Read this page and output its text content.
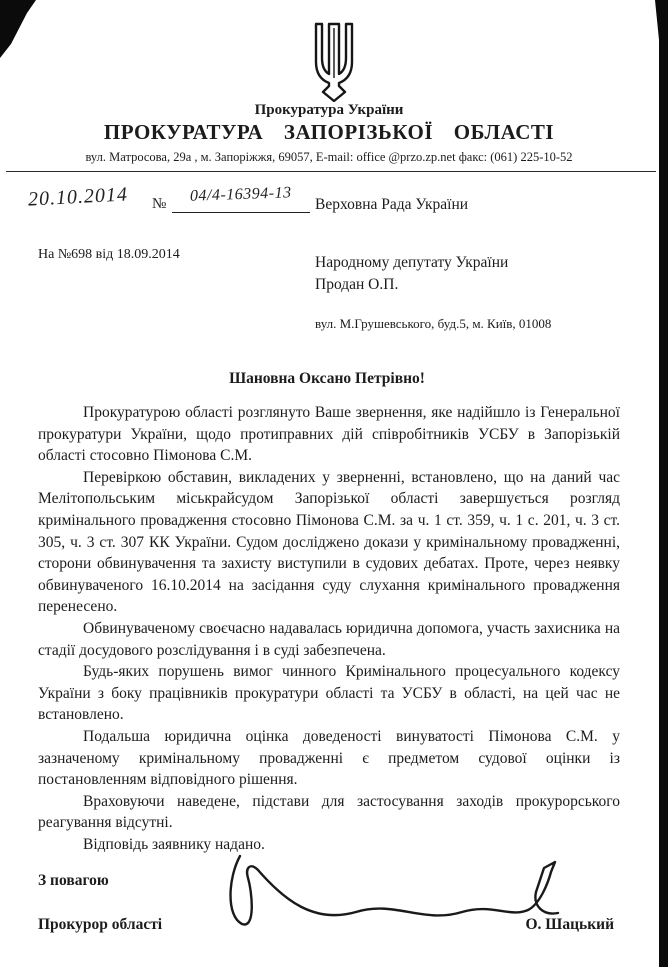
Прокуратура України
ПРОКУРАТУРА ЗАПОРІЗЬКОЇ ОБЛАСТІ
вул. Матросова, 29а , м. Запоріжжя, 69057, E-mail: office @przo.zp.net факс: (061) 225-10-52
20.10.2014 №	04/4-16394-13	Верховна Рада України
На №698 від 18.09.2014	Народному депутату України
Продан О.П.
вул. М.Грушевського, буд.5, м. Київ, 01008
Шановна Оксано Петрівно!

Прокуратурою області розглянуто Ваше звернення, яке надійшло із Генеральної прокуратури України, щодо протиправних дій співробітників УСБУ в Запорізькій області стосовно Пімонова С.М.

Перевіркою обставин, викладених у зверненні, встановлено, що на даний час Мелітопольським міськрайсудом Запорізької області завершується розгляд кримінального провадження стосовно Пімонова С.М. за ч. 1 ст. 359, ч. 1 с. 201, ч. 3 ст. 305, ч. 3 ст. 307 КК України. Судом досліджено докази у кримінальному провадженні, сторони обвинувачення та захисту виступили в судових дебатах. Проте, через неявку обвинуваченого 16.10.2014 на засідання суду слухання кримінального провадження перенесено.

Обвинуваченому своєчасно надавалась юридична допомога, участь захисника на стадії досудового розслідування і в суді забезпечена.

Будь-яких порушень вимог чинного Кримінального процесуального кодексу України з боку працівників прокуратури області та УСБУ в області, на цей час не встановлено.

Подальша юридична оцінка доведеності винуватості Пімонова С.М. у зазначеному кримінальному провадженні є предметом судової оцінки із постановленням відповідного рішення.

Враховуючи наведене, підстави для застосування заходів прокурорського реагування відсутні.

Відповідь заявнику надано.

З повагою
Прокурор області	О. Шацький
